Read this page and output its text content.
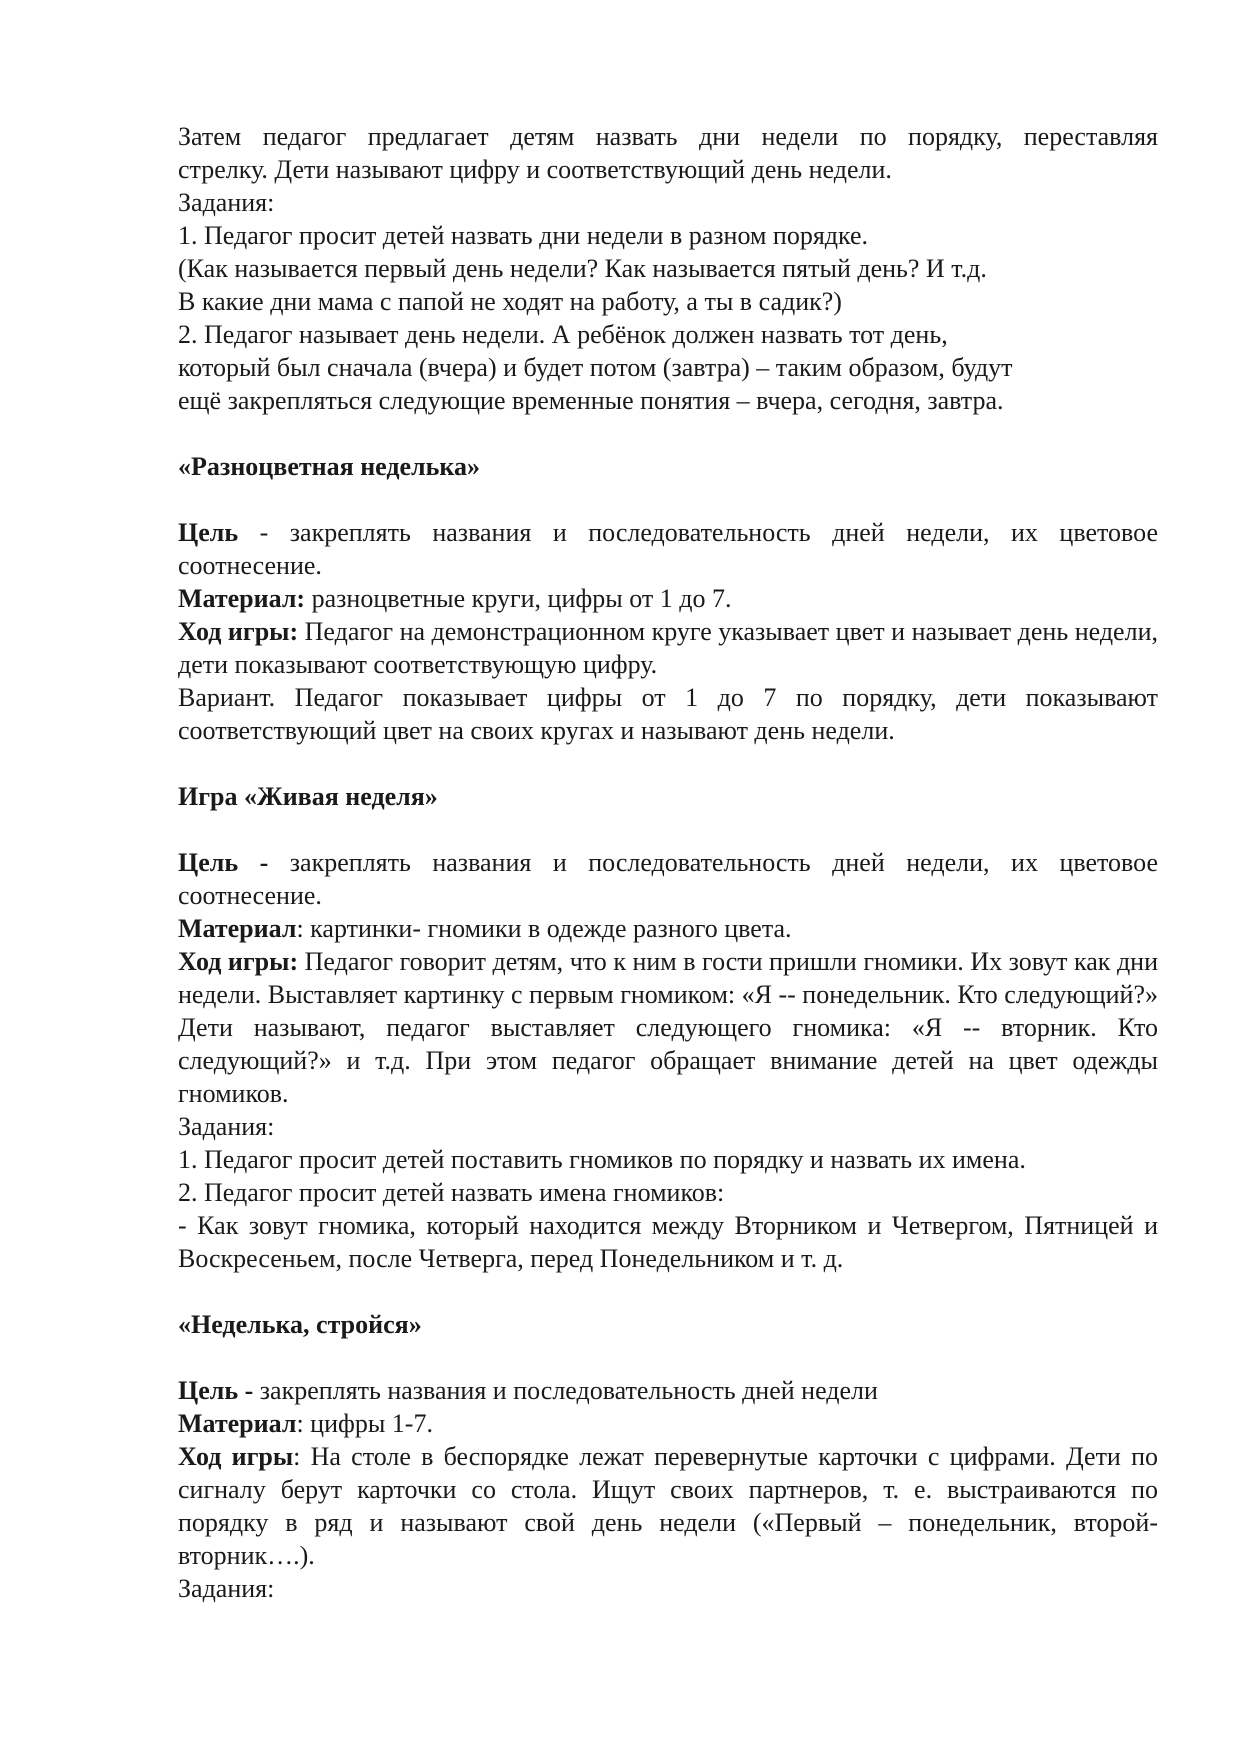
Затем педагог предлагает детям назвать дни недели по порядку, переставляя

стрелку. Дети называют цифру и соответствующий день недели.

Задания:

1. Педагог просит детей назвать дни недели в разном порядке.

(Как называется первый день недели? Как называется пятый день? И т.д.

В какие дни мама с папой не ходят на работу, а ты в садик?)

2. Педагог называет день недели. А ребёнок должен назвать тот день,

который был сначала (вчера) и будет потом (завтра) – таким образом, будут

ещё закрепляться следующие временные понятия – вчера, сегодня, завтра.

«Разноцветная неделька»

Цель - закреплять названия и последовательность дней недели, их цветовое соотнесение.

Материал: разноцветные круги, цифры от 1 до 7.

Ход игры: Педагог на демонстрационном круге указывает цвет и называет день недели, дети показывают соответствующую цифру.

Вариант. Педагог показывает цифры от 1 до 7 по порядку, дети показывают соответствующий цвет на своих кругах и называют день недели.

Игра «Живая неделя»

Цель - закреплять названия и последовательность дней недели, их цветовое соотнесение.

Материал: картинки- гномики в одежде разного цвета.

Ход игры: Педагог говорит детям, что к ним в гости пришли гномики. Их зовут как дни недели. Выставляет картинку с первым гномиком: «Я -- понедельник. Кто следующий?» Дети называют, педагог выставляет следующего гномика: «Я -- вторник. Кто следующий?» и т.д. При этом педагог обращает внимание детей на цвет одежды гномиков.

Задания:

1. Педагог просит детей поставить гномиков по порядку и назвать их имена.

2. Педагог просит детей назвать имена гномиков:

- Как зовут гномика, который находится между Вторником и Четвергом, Пятницей и Воскресеньем, после Четверга, перед Понедельником и т. д.

«Неделька, стройся»

Цель - закреплять названия и последовательность дней недели

Материал: цифры 1-7.

Ход игры: На столе в беспорядке лежат перевернутые карточки с цифрами. Дети по сигналу берут карточки со стола. Ищут своих партнеров, т. е. выстраиваются по порядку в ряд и называют свой день недели («Первый – понедельник, второй- вторник….).

Задания:
